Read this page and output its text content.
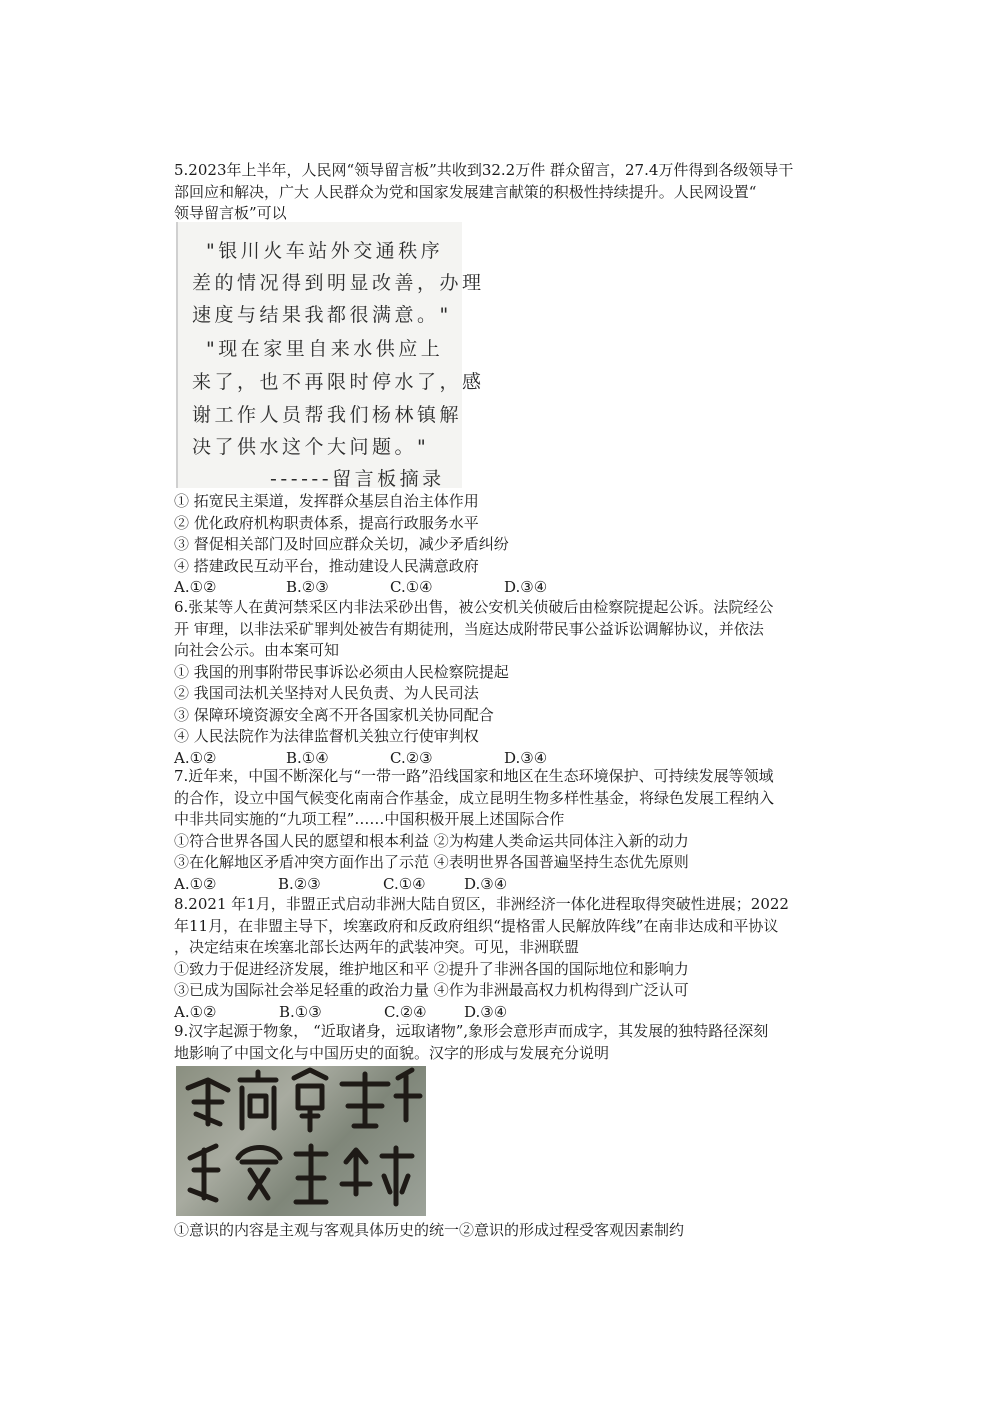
5.2023年上半年，人民网“领导留言板”共收到32.2万件 群众留言，27.4万件得到各级领导干

部回应和解决，广大 人民群众为党和国家发展建言献策的积极性持续提升。人民网设置“

领导留言板”可以

"银川火车站外交通秩序
差的情况得到明显改善，办理
速度与结果我都很满意。"
"现在家里自来水供应上
来了，也不再限时停水了，感
谢工作人员帮我们杨林镇解
决了供水这个大问题。"
------留言板摘录

① 拓宽民主渠道，发挥群众基层自治主体作用

② 优化政府机构职责体系，提高行政服务水平

③ 督促相关部门及时回应群众关切，减少矛盾纠纷

④ 搭建政民互动平台，推动建设人民满意政府

A.①②	B.②③	C.①④	D.③④

6.张某等人在黄河禁采区内非法采砂出售，被公安机关侦破后由检察院提起公诉。法院经公

开 审理，以非法采矿罪判处被告有期徒刑，当庭达成附带民事公益诉讼调解协议，并依法

向社会公示。由本案可知

① 我国的刑事附带民事诉讼必须由人民检察院提起

② 我国司法机关坚持对人民负责、为人民司法

③ 保障环境资源安全离不开各国家机关协同配合

④ 人民法院作为法律监督机关独立行使审判权

A.①②	B.①④	C.②③	D.③④

7.近年来，中国不断深化与“一带一路”沿线国家和地区在生态环境保护、可持续发展等领域

的合作，设立中国气候变化南南合作基金，成立昆明生物多样性基金，将绿色发展工程纳入

中非共同实施的“九项工程”……中国积极开展上述国际合作

①符合世界各国人民的愿望和根本利益 ②为构建人类命运共同体注入新的动力

③在化解地区矛盾冲突方面作出了示范 ④表明世界各国普遍坚持生态优先原则

A.①②	B.②③	C.①④	D.③④

8.2021 年1月，非盟正式启动非洲大陆自贸区，非洲经济一体化进程取得突破性进展；2022

年11月，在非盟主导下，埃塞政府和反政府组织“提格雷人民解放阵线”在南非达成和平协议

，决定结束在埃塞北部长达两年的武装冲突。可见，非洲联盟

①致力于促进经济发展，维护地区和平 ②提升了非洲各国的国际地位和影响力

③已成为国际社会举足轻重的政治力量 ④作为非洲最高权力机构得到广泛认可

A.①②	B.①③	C.②④	D.③④

9.汉字起源于物象， “近取诸身，远取诸物”,象形会意形声而成字，其发展的独特路径深刻

地影响了中国文化与中国历史的面貌。汉字的形成与发展充分说明

①意识的内容是主观与客观具体历史的统一②意识的形成过程受客观因素制约
